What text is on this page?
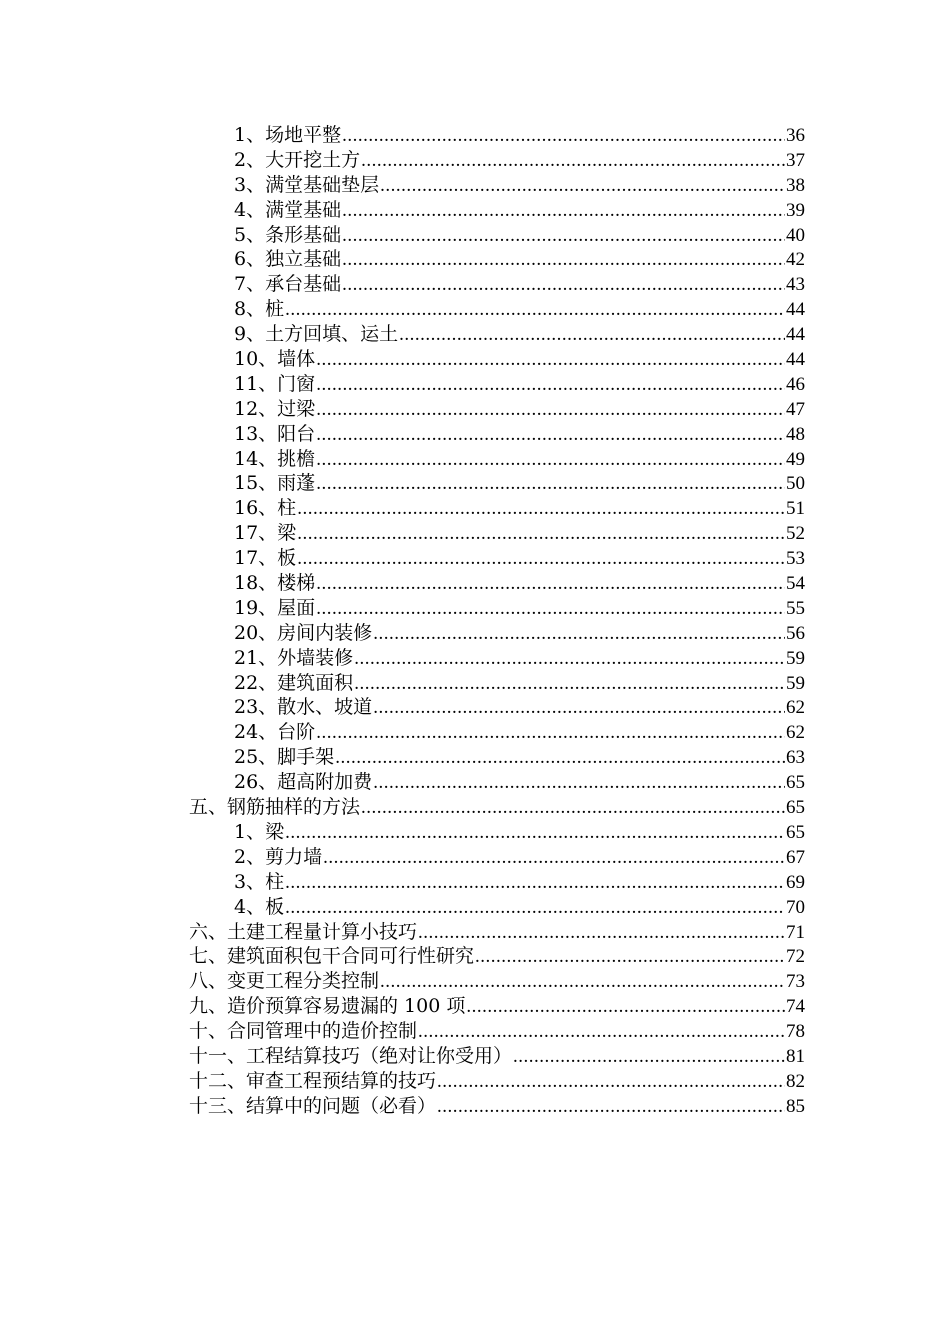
1、场地平整 .....	36
2、大开挖土方 .....	37
3、满堂基础垫层 .....	38
4、满堂基础 .....	39
5、条形基础 .....	40
6、独立基础 .....	42
7、承台基础 .....	43
8、桩 .....	44
9、土方回填、运土 .....	44
10、墙体 .....	44
11、门窗 .....	46
12、过梁 .....	47
13、阳台 .....	48
14、挑檐 .....	49
15、雨蓬 .....	50
16、柱 .....	51
17、梁 .....	52
17、板 .....	53
18、楼梯 .....	54
19、屋面 .....	55
20、房间内装修 .....	56
21、外墙装修 .....	59
22、建筑面积 .....	59
23、散水、坡道 .....	62
24、台阶 .....	62
25、脚手架 .....	63
26、超高附加费 .....	65
五、钢筋抽样的方法 .....	65
1、梁 .....	65
2、剪力墙 .....	67
3、柱 .....	69
4、板 .....	70
六、土建工程量计算小技巧 .....	71
七、建筑面积包干合同可行性研究 .....	72
八、变更工程分类控制 .....	73
九、造价预算容易遗漏的 100 项 .....	74
十、合同管理中的造价控制 .....	78
十一、工程结算技巧（绝对让你受用） .....	81
十二、审查工程预结算的技巧 .....	82
十三、结算中的问题（必看） .....	85
